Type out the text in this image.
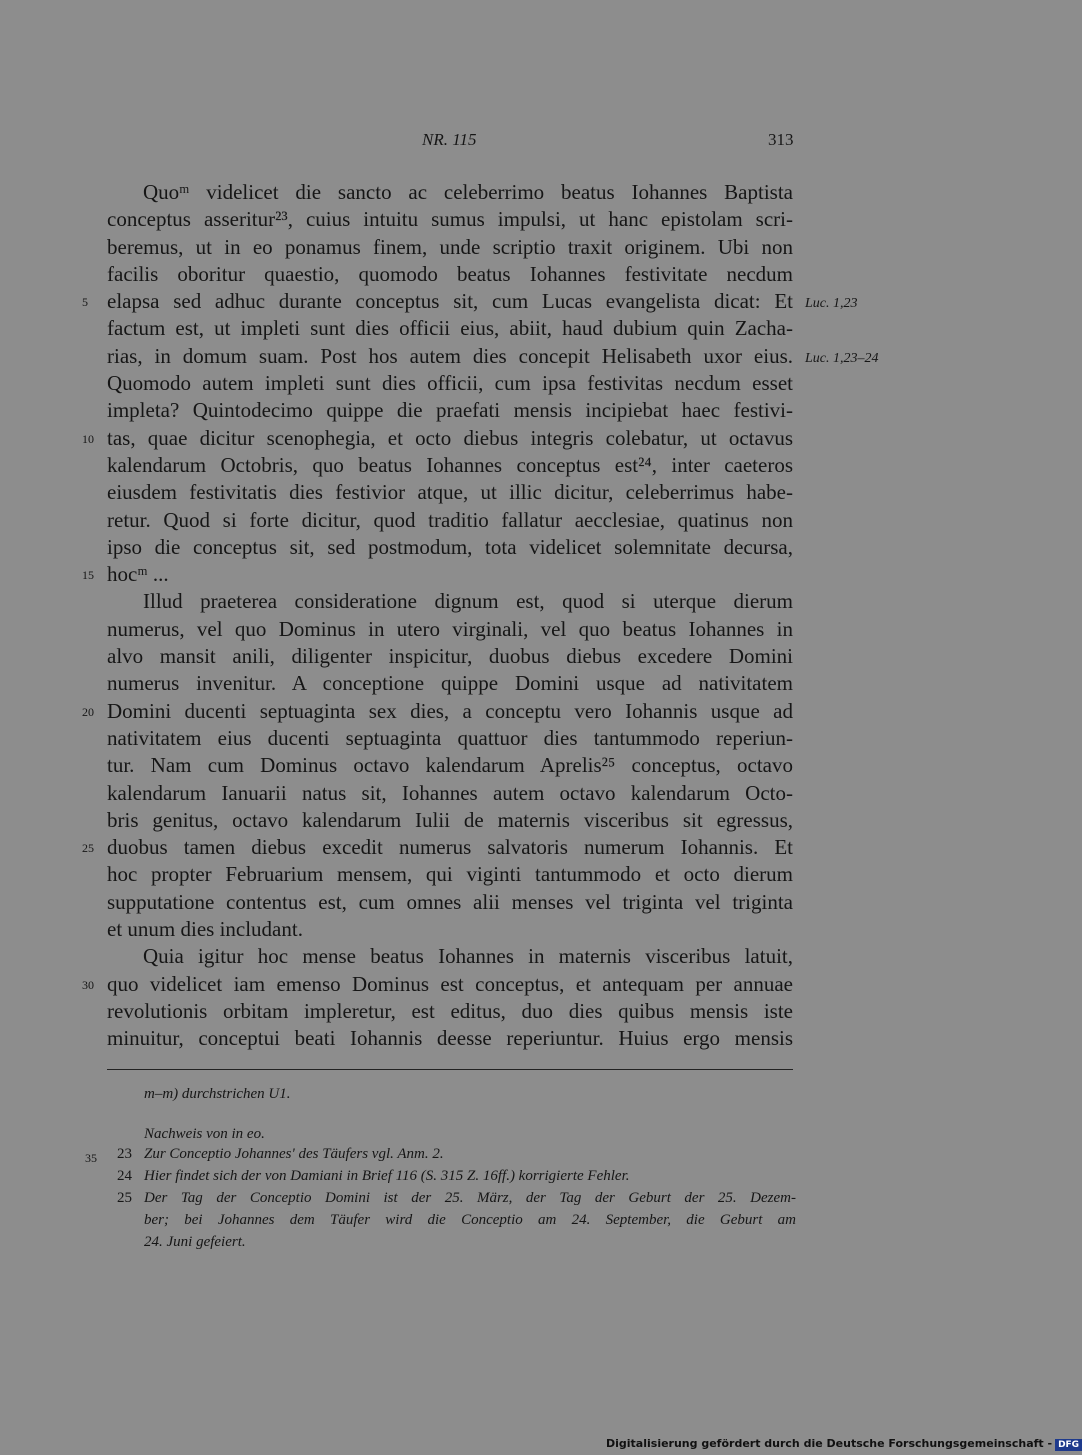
NR. 115	313
Quoᵐ videlicet die sancto ac celeberrimo beatus Iohannes Baptista
conceptus asseritur²³, cuius intuitu sumus impulsi, ut hanc epistolam scri-
beremus, ut in eo ponamus finem, unde scriptio traxit originem. Ubi non
facilis oboritur quaestio, quomodo beatus Iohannes festivitate necdum
5 elapsa sed adhuc durante conceptus sit, cum Lucas evangelista dicat: Et Luc. 1,23
factum est, ut impleti sunt dies officii eius, abiit, haud dubium quin Zacha-
rias, in domum suam. Post hos autem dies concepit Helisabeth uxor eius. Luc. 1,23–24
Quomodo autem impleti sunt dies officii, cum ipsa festivitas necdum esset
impleta? Quintodecimo quippe die praefati mensis incipiebat haec festivi-
10 tas, quae dicitur scenophegia, et octo diebus integris colebatur, ut octavus
kalendarum Octobris, quo beatus Iohannes conceptus est²⁴, inter caeteros
eiusdem festivitatis dies festivior atque, ut illic dicitur, celeberrimus habe-
retur. Quod si forte dicitur, quod traditio fallatur aecclesiae, quatinus non
ipso die conceptus sit, sed postmodum, tota videlicet solemnitate decursa,
15 hocᵐ ...
Illud praeterea consideratione dignum est, quod si uterque dierum
numerus, vel quo Dominus in utero virginali, vel quo beatus Iohannes in
alvo mansit anili, diligenter inspicitur, duobus diebus excedere Domini
numerus invenitur. A conceptione quippe Domini usque ad nativitatem
20 Domini ducenti septuaginta sex dies, a conceptu vero Iohannis usque ad
nativitatem eius ducenti septuaginta quattuor dies tantummodo reperiun-
tur. Nam cum Dominus octavo kalendarum Aprelis²⁵ conceptus, octavo
kalendarum Ianuarii natus sit, Iohannes autem octavo kalendarum Octo-
bris genitus, octavo kalendarum Iulii de maternis visceribus sit egressus,
25 duobus tamen diebus excedit numerus salvatoris numerum Iohannis. Et
hoc propter Februarium mensem, qui viginti tantummodo et octo dierum
supputatione contentus est, cum omnes alii menses vel triginta vel triginta
et unum dies includant.
Quia igitur hoc mense beatus Iohannes in maternis visceribus latuit,
30 quo videlicet iam emenso Dominus est conceptus, et antequam per annuae
revolutionis orbitam impleretur, est editus, duo dies quibus mensis iste
minuitur, conceptui beati Iohannis deesse reperiuntur. Huius ergo mensis
m–m) durchstrichen U1.
Nachweis von in eo.
35	23 Zur Conceptio Johannes' des Täufers vgl. Anm. 2.
24 Hier findet sich der von Damiani in Brief 116 (S. 315 Z. 16ff.) korrigierte Fehler.
25 Der Tag der Conceptio Domini ist der 25. März, der Tag der Geburt der 25. Dezem-
ber; bei Johannes dem Täufer wird die Conceptio am 24. September, die Geburt am
24. Juni gefeiert.
Digitalisierung gefördert durch die Deutsche Forschungsgemeinschaft - DFG
